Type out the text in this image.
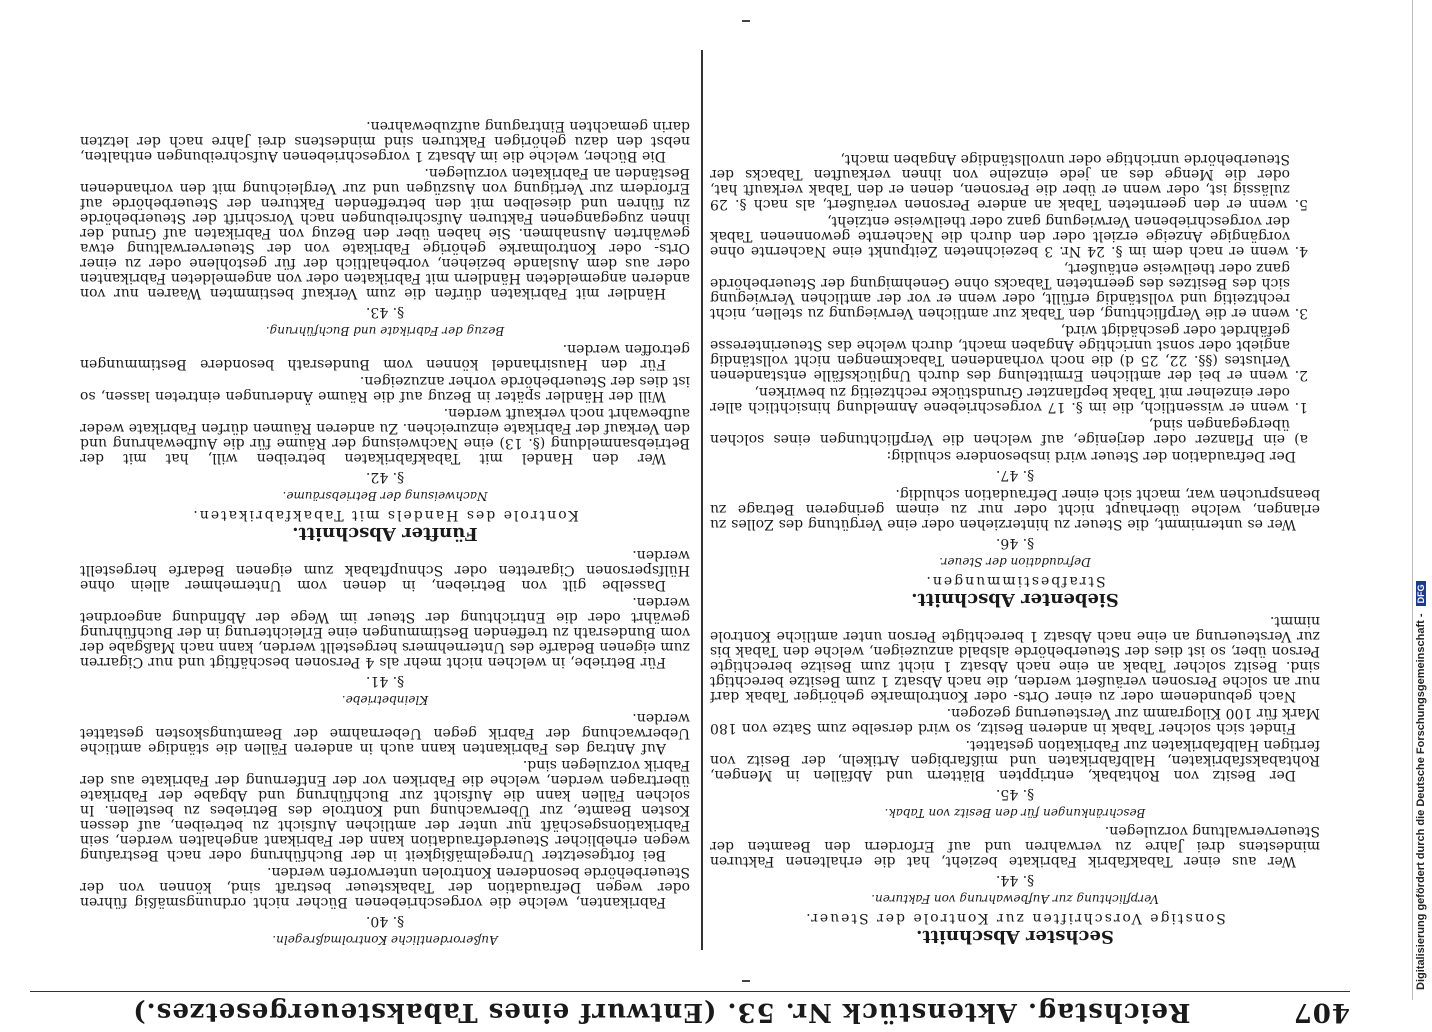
407
Reichstag. Aktenstück Nr. 53. (Entwurf eines Tabaksteuergesetzes.)
Sechster Abschnitt.
Sonstige Vorschriften zur Kontrole der Steuer.
Verpflichtung zur Aufbewahrung von Fakturen.
§. 44.

Wer aus einer Tabakfabrik Fabrikate bezieht, hat die erhaltenen Fakturen mindestens drei Jahre zu verwahren und auf Erfordern den Beamten der Steuerverwaltung vorzulegen.

Beschränkungen für den Besitz von Tabak.
§. 45.

Der Besitz von Rohtabak, entrippten Blättern und Abfällen in Mengen, Rohtabaksfabrikaten, Halbfabrikaten und mißfarbigen Artikeln, der Besitz von fertigen Halbfabrikaten zur Fabrikation gestattet.

Findet sich solcher Tabak in anderen Besitz, so wird derselbe zum Satze von 180 Mark für 100 Kilogramm zur Versteuerung gezogen.

Nach gebundenem oder zu einer Orts- oder Kontrolmarke gehöriger Tabak darf nur an solche Personen veräußert werden, die nach Absatz 1 zum Besitze berechtigt sind. Besitz solcher Tabak an eine nach Absatz 1 nicht zum Besitze berechtigte Person über, so ist dies der Steuerbehörde alsbald anzuzeigen, welche den Tabak bis zur Versteuerung an eine nach Absatz 1 berechtigte Person unter amtliche Kontrole nimmt.

Siebenter Abschnitt.
Strafbestimmungen.
Defraudation der Steuer.
§. 46.

Wer es unternimmt, die Steuer zu hinterziehen oder eine Vergütung des Zolles zu erlangen, welche überhaupt nicht oder nur zu einem geringeren Betrage zu beanspruchen war, macht sich einer Defraudation schuldig.

§. 47.

Der Defraudation der Steuer wird insbesondere schuldig:

a) ein Pflanzer oder derjenige, auf welchen die Verpflichtungen eines solchen übergegangen sind,

1. wenn er wissentlich, die im §. 17 vorgeschriebene Anmeldung hinsichtlich aller oder einzelner mit Tabak bepflanzter Grundstücke rechtzeitig zu bewirken,

2. wenn er bei der amtlichen Ermittelung des durch Unglücksfälle entstandenen Verlustes (§§. 22, 25 d) die noch vorhandenen Tabackmengen nicht vollständig angiebt oder sonst unrichtige Angaben macht, durch welche das Steuerinteresse gefährdet oder geschädigt wird,

3. wenn er die Verpflichtung, den Tabak zur amtlichen Verwiegung zu stellen, nicht rechtzeitig und vollständig erfüllt, oder wenn er vor der amtlichen Verwiegung sich des Besitzes des geernteten Tabacks ohne Genehmigung der Steuerbehörde ganz oder theilweise entäußert,

4. wenn er nach dem im §. 24 Nr. 3 bezeichneten Zeitpunkt eine Nachernte ohne vorgängige Anzeige erzielt oder den durch die Nachernte gewonnenen Tabak der vorgeschriebenen Verwiegung ganz oder theilweise entzieht,

5. wenn er den geernteten Tabak an andere Personen veräußert, als nach §. 29 zulässig ist, oder wenn er über die Personen, denen er den Tabak verkauft hat, oder die Menge des an jede einzelne von ihnen verkauften Tabacks der Steuerbehörde unrichtige oder unvollständige Angaben macht,

Außerordentliche Kontrolmaßregeln.
§. 40.

Fabrikanten, welche die vorgeschriebenen Bücher nicht ordnungsmäßig führen oder wegen Defraudation der Tabaksteuer bestraft sind, können von der Steuerbehörde besonderen Kontrolen unterworfen werden.

Bei fortgesetzter Unregelmäßigkeit in der Buchführung oder nach Bestrafung wegen erheblicher Steuerdefraudation kann der Fabrikant angehalten werden, sein Fabrikationsgeschäft nur unter der amtlichen Aufsicht zu betreiben, auf dessen Kosten Beamte, zur Überwachung und Kontrole des Betriebes zu bestellen. In solchen Fällen kann die Aufsicht zur Buchführung und Abgabe der Fabrikate übertragen werden, welche die Fabriken vor der Entfernung der Fabrikate aus der Fabrik vorzulegen sind.

Auf Antrag des Fabrikanten kann auch in anderen Fällen die ständige amtliche Ueberwachung der Fabrik gegen Uebernahme der Beamtungskosten gestattet werden.

Kleinbetriebe.
§. 41.

Für Betriebe, in welchen nicht mehr als 4 Personen beschäftigt und nur Cigarren zum eigenen Bedarfe des Unternehmers hergestellt werden, kann nach Maßgabe der vom Bundesrath zu treffenden Bestimmungen eine Erleichterung in der Buchführung gewährt oder die Entrichtung der Steuer im Wege der Abfindung angeordnet werden.

Dasselbe gilt von Betrieben, in denen vom Unternehmer allein ohne Hülfspersonen Cigaretten oder Schnupftabak zum eigenen Bedarfe hergestellt werden.

Fünfter Abschnitt.
Kontrole des Handels mit Tabakfabrikaten.
Nachweisung der Betriebsräume.
§. 42.

Wer den Handel mit Tabakfabrikaten betreiben will, hat mit der Betriebsanmeldung (§. 13) eine Nachweisung der Räume für die Aufbewahrung und den Verkauf der Fabrikate einzureichen. Zu anderen Räumen dürfen Fabrikate weder aufbewahrt noch verkauft werden.

Will der Händler später in Bezug auf die Räume Änderungen eintreten lassen, so ist dies der Steuerbehörde vorher anzuzeigen.

Für den Hausirhandel können vom Bundesrath besondere Bestimmungen getroffen werden.

Bezug der Fabrikate und Buchführung.
§. 43.

Händler mit Fabrikaten dürfen die zum Verkauf bestimmten Waaren nur von anderen angemeldeten Händlern mit Fabrikaten oder von angemeldeten Fabrikanten oder aus dem Auslande beziehen, vorbehaltlich der für gestohlene oder zu einer Orts- oder Kontrolmarke gehörige Fabrikate von der Steuerverwaltung etwa gewährten Ausnahmen. Sie haben über den Bezug von Fabrikaten auf Grund der ihnen zugegangenen Fakturen Aufschreibungen nach Vorschrift der Steuerbehörde zu führen und dieselben mit den betreffenden Fakturen der Steuerbehörde auf Erfordern zur Vertigung von Auszügen und zur Vergleichung mit den vorhandenen Beständen an Fabrikaten vorzulegen.

Die Bücher, welche die im Absatz 1 vorgeschriebenen Aufschreibungen enthalten, nebst den dazu gehörigen Fakturen sind mindestens drei Jahre nach der letzten darin gemachten Eintragung aufzubewahren.

Digitalisierung gefördert durch die Deutsche Forschungsgemeinschaft - DFG
